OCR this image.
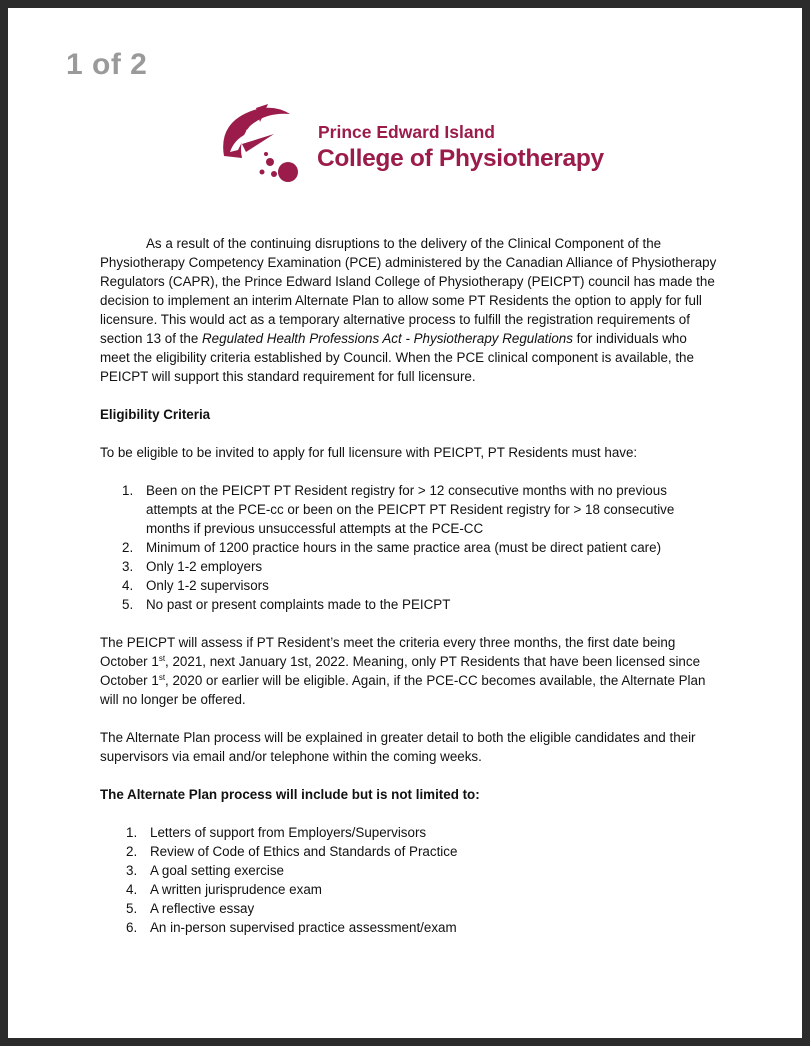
1 of 2
Prince Edward Island
College of Physiotherapy

As a result of the continuing disruptions to the delivery of the Clinical Component of the Physiotherapy Competency Examination (PCE) administered by the Canadian Alliance of Physiotherapy Regulators (CAPR), the Prince Edward Island College of Physiotherapy (PEICPT) council has made the decision to implement an interim Alternate Plan to allow some PT Residents the option to apply for full licensure. This would act as a temporary alternative process to fulfill the registration requirements of section 13 of the Regulated Health Professions Act - Physiotherapy Regulations for individuals who meet the eligibility criteria established by Council. When the PCE clinical component is available, the PEICPT will support this standard requirement for full licensure.

Eligibility Criteria

To be eligible to be invited to apply for full licensure with PEICPT, PT Residents must have:

1. Been on the PEICPT PT Resident registry for > 12 consecutive months with no previous attempts at the PCE-cc or been on the PEICPT PT Resident registry for > 18 consecutive months if previous unsuccessful attempts at the PCE-CC
2. Minimum of 1200 practice hours in the same practice area (must be direct patient care)
3. Only 1-2 employers
4. Only 1-2 supervisors
5. No past or present complaints made to the PEICPT

The PEICPT will assess if PT Resident’s meet the criteria every three months, the first date being October 1st, 2021, next January 1st, 2022. Meaning, only PT Residents that have been licensed since October 1st, 2020 or earlier will be eligible. Again, if the PCE-CC becomes available, the Alternate Plan will no longer be offered.

The Alternate Plan process will be explained in greater detail to both the eligible candidates and their supervisors via email and/or telephone within the coming weeks.

The Alternate Plan process will include but is not limited to:

1. Letters of support from Employers/Supervisors
2. Review of Code of Ethics and Standards of Practice
3. A goal setting exercise
4. A written jurisprudence exam
5. A reflective essay
6. An in-person supervised practice assessment/exam
